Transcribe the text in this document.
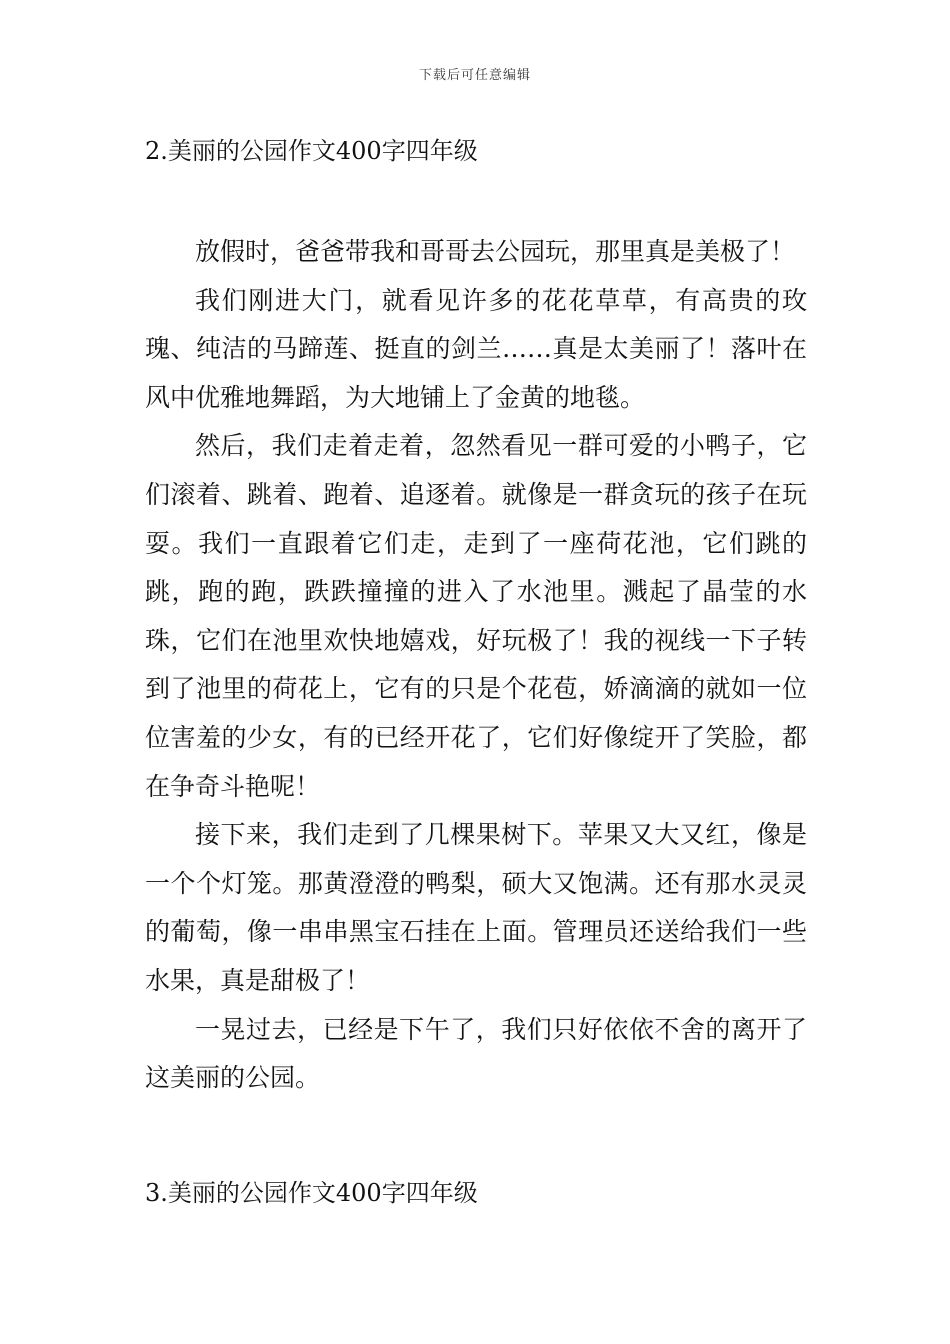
下载后可任意编辑
2.美丽的公园作文400字四年级

放假时，爸爸带我和哥哥去公园玩，那里真是美极了！

我们刚进大门，就看见许多的花花草草，有高贵的玫瑰、纯洁的马蹄莲、挺直的剑兰……真是太美丽了！落叶在风中优雅地舞蹈，为大地铺上了金黄的地毯。

然后，我们走着走着，忽然看见一群可爱的小鸭子，它们滚着、跳着、跑着、追逐着。就像是一群贪玩的孩子在玩耍。我们一直跟着它们走，走到了一座荷花池，它们跳的跳，跑的跑，跌跌撞撞的进入了水池里。溅起了晶莹的水珠，它们在池里欢快地嬉戏，好玩极了！我的视线一下子转到了池里的荷花上，它有的只是个花苞，娇滴滴的就如一位位害羞的少女，有的已经开花了，它们好像绽开了笑脸，都在争奇斗艳呢！

接下来，我们走到了几棵果树下。苹果又大又红，像是一个个灯笼。那黄澄澄的鸭梨，硕大又饱满。还有那水灵灵的葡萄，像一串串黑宝石挂在上面。管理员还送给我们一些水果，真是甜极了！

一晃过去，已经是下午了，我们只好依依不舍的离开了这美丽的公园。

3.美丽的公园作文400字四年级
